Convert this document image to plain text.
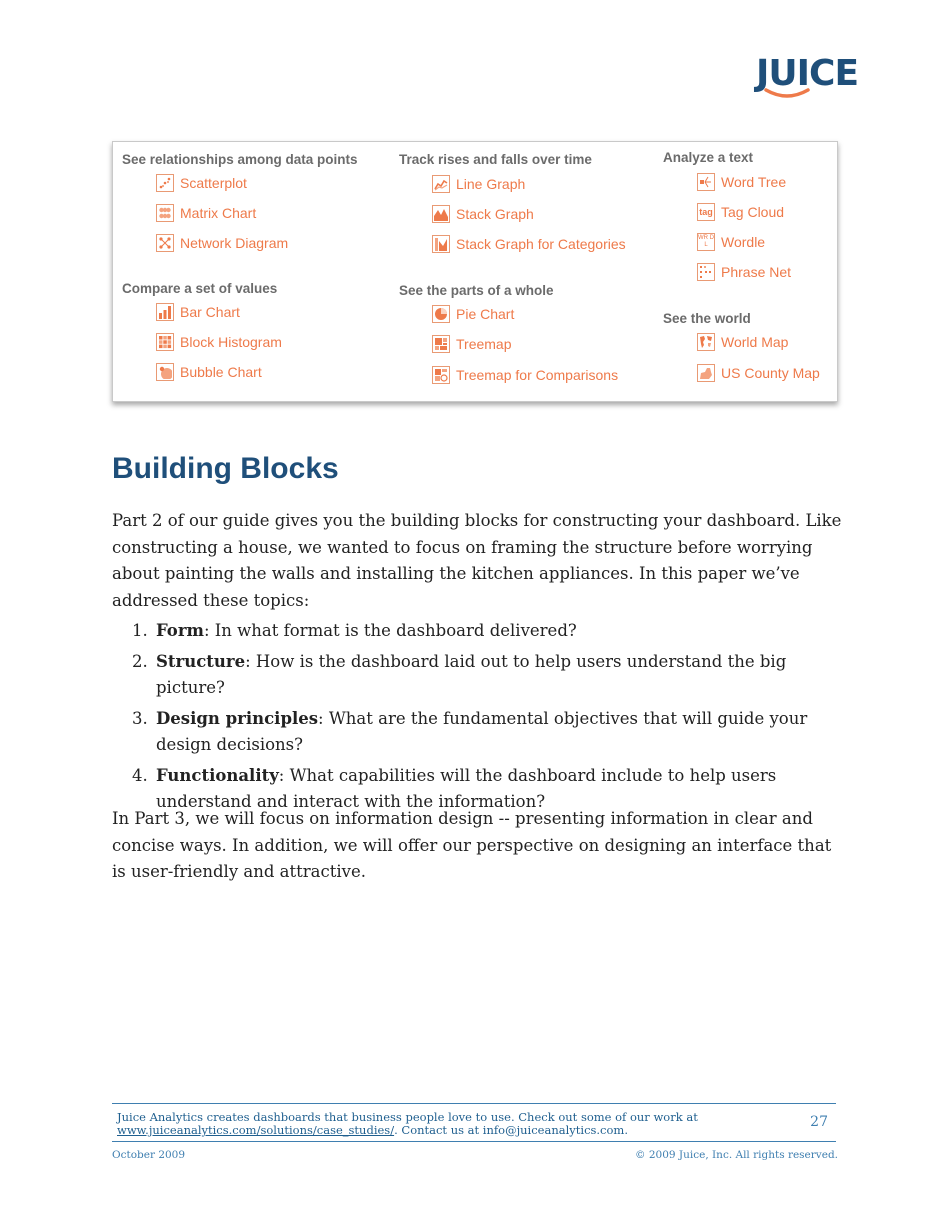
JUICE
See relationships among data points
Scatterplot
Matrix Chart
Network Diagram
Compare a set of values
Bar Chart
Block Histogram
Bubble Chart
Track rises and falls over time
Line Graph
Stack Graph
Stack Graph for Categories
See the parts of a whole
Pie Chart
Treemap
Treemap for Comparisons
Analyze a text
Word Tree
tag Tag Cloud
WR DL Wordle
Phrase Net
See the world
World Map
US County Map
Building Blocks

Part 2 of our guide gives you the building blocks for constructing your dashboard. Like constructing a house, we wanted to focus on framing the structure before worrying about painting the walls and installing the kitchen appliances. In this paper we’ve addressed these topics:

1. Form: In what format is the dashboard delivered?
2. Structure: How is the dashboard laid out to help users understand the big picture?
3. Design principles: What are the fundamental objectives that will guide your design decisions?
4. Functionality: What capabilities will the dashboard include to help users understand and interact with the information?

In Part 3, we will focus on information design -- presenting information in clear and concise ways. In addition, we will offer our perspective on designing an interface that is user-friendly and attractive.

Juice Analytics creates dashboards that business people love to use. Check out some of our work at www.juiceanalytics.com/solutions/case_studies/. Contact us at info@juiceanalytics.com.	27
October 2009	© 2009 Juice, Inc. All rights reserved.
